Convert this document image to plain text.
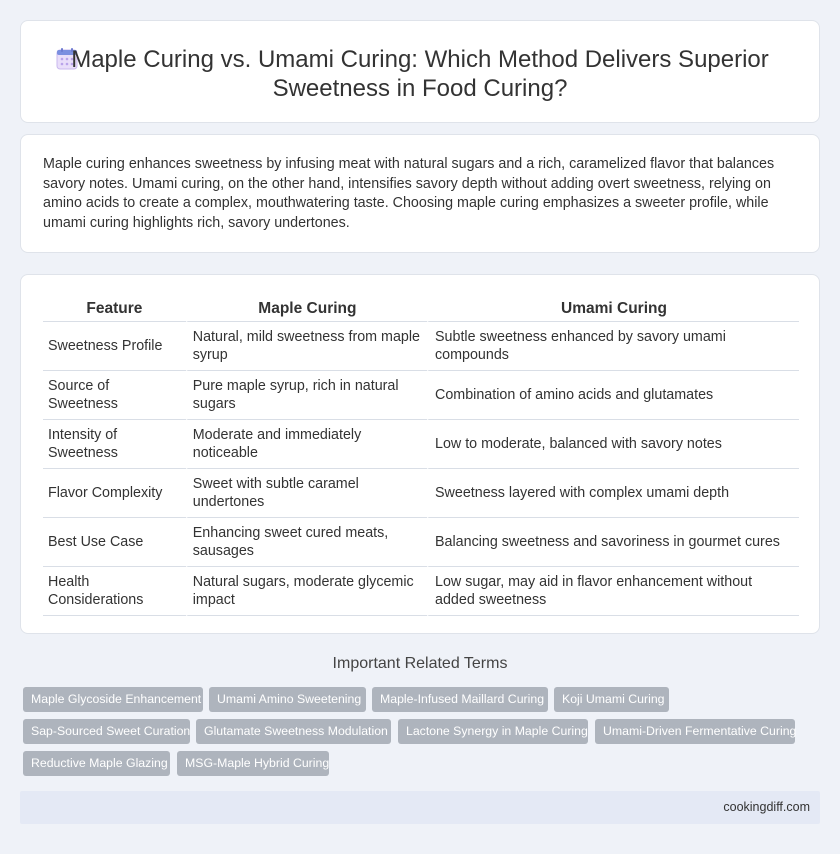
Maple Curing vs. Umami Curing: Which Method Delivers Superior Sweetness in Food Curing?

Maple curing enhances sweetness by infusing meat with natural sugars and a rich, caramelized flavor that balances savory notes. Umami curing, on the other hand, intensifies savory depth without adding overt sweetness, relying on amino acids to create a complex, mouthwatering taste. Choosing maple curing emphasizes a sweeter profile, while umami curing highlights rich, savory undertones.

Feature	Maple Curing	Umami Curing
Sweetness Profile	Natural, mild sweetness from maple syrup	Subtle sweetness enhanced by savory umami compounds
Source of Sweetness	Pure maple syrup, rich in natural sugars	Combination of amino acids and glutamates
Intensity of Sweetness	Moderate and immediately noticeable	Low to moderate, balanced with savory notes
Flavor Complexity	Sweet with subtle caramel undertones	Sweetness layered with complex umami depth
Best Use Case	Enhancing sweet cured meats, sausages	Balancing sweetness and savoriness in gourmet cures
Health Considerations	Natural sugars, moderate glycemic impact	Low sugar, may aid in flavor enhancement without added sweetness
Important Related Terms
Maple Glycoside Enhancement	Umami Amino Sweetening	Maple-Infused Maillard Curing	Koji Umami Curing
Sap-Sourced Sweet Curation	Glutamate Sweetness Modulation	Lactone Synergy in Maple Curing	Umami-Driven Fermentative Curing
Reductive Maple Glazing	MSG-Maple Hybrid Curing
cookingdiff.com
